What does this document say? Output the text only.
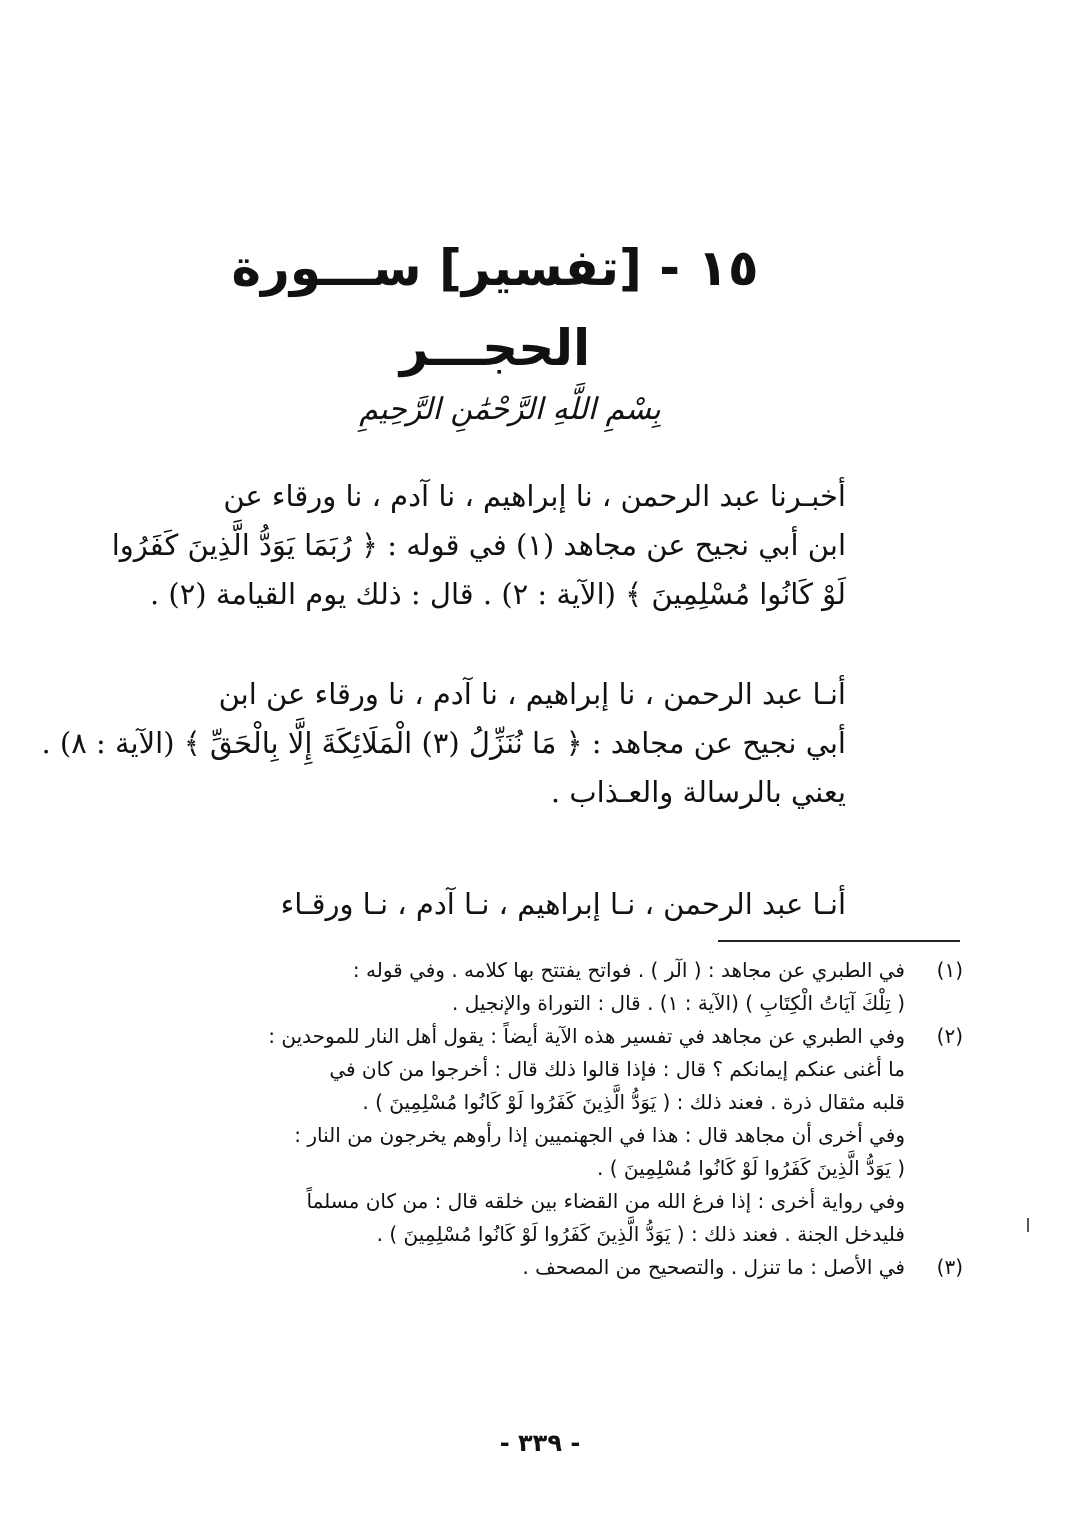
١٥ - [تفسير] ســـورة الحجـــر
بِسْمِ اللَّهِ الرَّحْمَٰنِ الرَّحِيمِ
أخبـرنا عبد الرحمن ، نا إبراهيم ، نا آدم ، نا ورقاء عن
ابن أبي نجيح عن مجاهد (١) في قوله : ﴿ رُبَمَا يَوَدُّ الَّذِينَ كَفَرُوا
لَوْ كَانُوا مُسْلِمِينَ ﴾ (الآية : ٢) . قال : ذلك يوم القيامة (٢) .
أنـا عبد الرحمن ، نا إبراهيم ، نا آدم ، نا ورقاء عن ابن
أبي نجيح عن مجاهد : ﴿ مَا نُنَزِّلُ (٣) الْمَلَائِكَةَ إِلَّا بِالْحَقِّ ﴾ (الآية : ٨) .
يعني بالرسالة والعـذاب .
أنـا عبد الرحمن ، نـا إبراهيم ، نـا آدم ، نـا ورقـاء
(١)
في الطبري عن مجاهد : ( الٓر ) . فواتح يفتتح بها كلامه . وفي قوله :
( تِلْكَ آيَاتُ الْكِتَابِ ) (الآية : ١) . قال : التوراة والإنجيل .
(٢)
وفي الطبري عن مجاهد في تفسير هذه الآية أيضاً : يقول أهل النار للموحدين :
ما أغنى عنكم إيمانكم ؟ قال : فإذا قالوا ذلك قال : أخرجوا من كان في
قلبه مثقال ذرة . فعند ذلك : ( يَوَدُّ الَّذِينَ كَفَرُوا لَوْ كَانُوا مُسْلِمِينَ ) .
وفي أخرى أن مجاهد قال : هذا في الجهنميين إذا رأوهم يخرجون من النار :
( يَوَدُّ الَّذِينَ كَفَرُوا لَوْ كَانُوا مُسْلِمِينَ ) .
وفي رواية أخرى : إذا فرغ الله من القضاء بين خلقه قال : من كان مسلماً
فليدخل الجنة . فعند ذلك : ( يَوَدُّ الَّذِينَ كَفَرُوا لَوْ كَانُوا مُسْلِمِينَ ) .
(٣)
في الأصل : ما تنزل . والتصحيح من المصحف .
- ٣٣٩ -
